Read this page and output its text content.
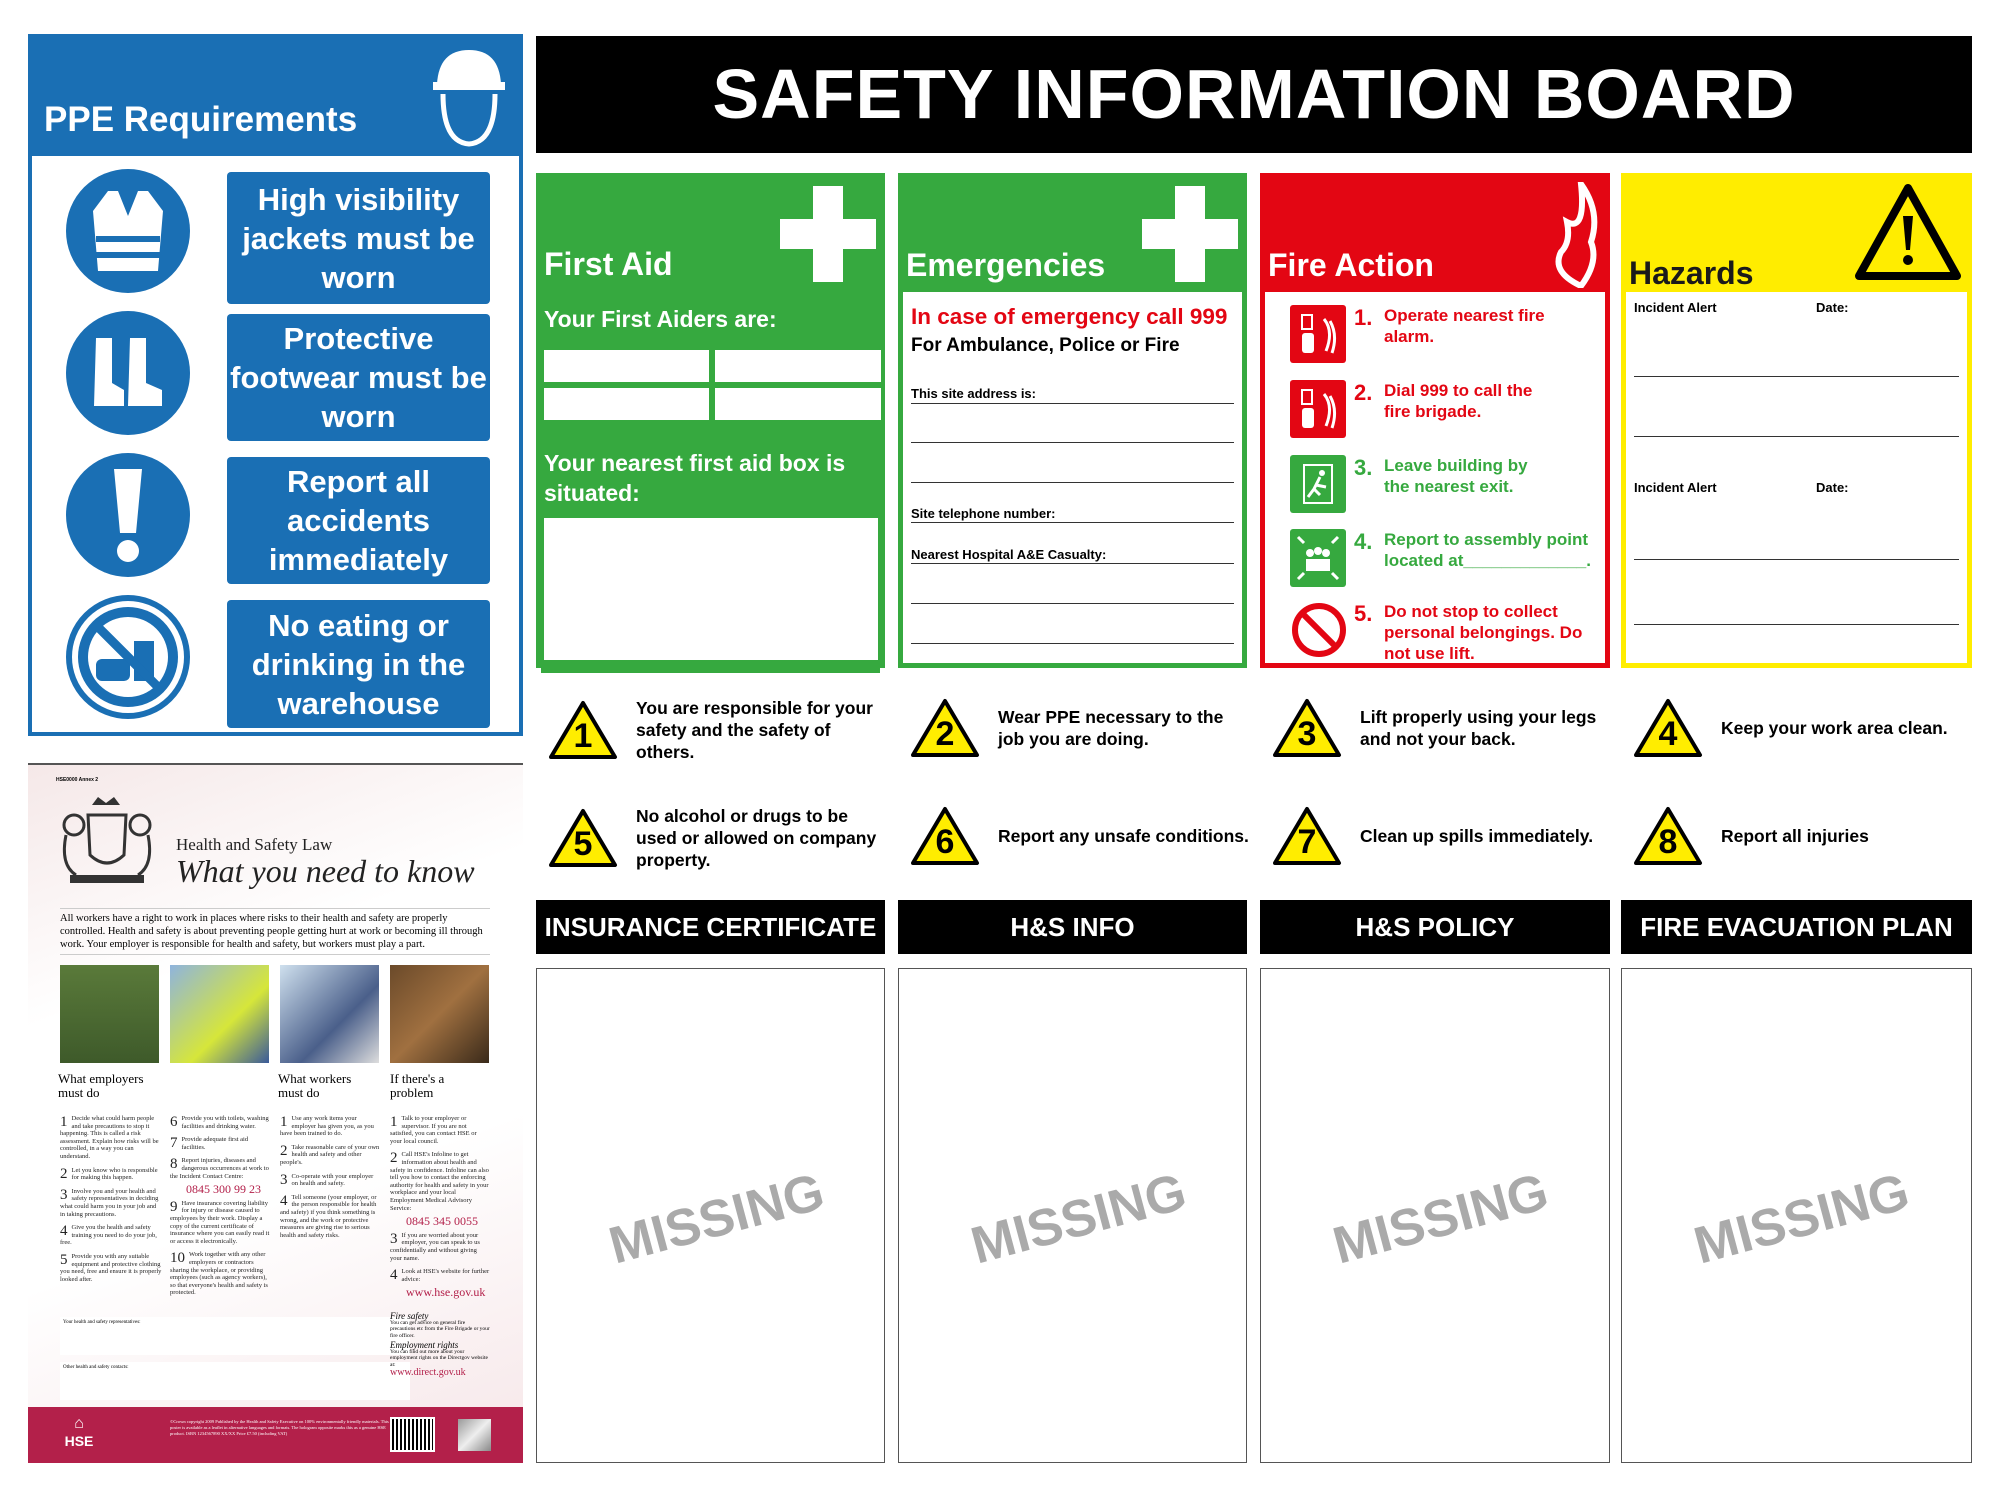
PPE Requirements
High visibility jackets must be worn
Protective footwear must be worn
Report all accidents immediately
No eating or drinking in the warehouse
SAFETY INFORMATION BOARD
First Aid
Your First Aiders are:
Your nearest first aid box is situated:
Emergencies
In case of emergency call 999
For Ambulance, Police or Fire
This site address is:
Site telephone number:
Nearest Hospital A&E Casualty:
Fire Action
1. Operate nearest fire alarm.
2. Dial 999 to call the fire brigade.
3. Leave building by the nearest exit.
4. Report to assembly point located at_____________.
5. Do not stop to collect personal belongings. Do not use lift.
Hazards
Incident Alert	Date:
Incident Alert	Date:
1
You are responsible for your safety and the safety of others.	2	Wear PPE necessary to the job you are doing.	3	Lift properly using your legs and not your back.	4	Keep your work area clean.
5
No alcohol or drugs to be used or allowed on company property.	6	Report any unsafe conditions.	7	Clean up spills immediately.	8	Report all injuries
INSURANCE CERTIFICATE	H&S INFO	H&S POLICY	FIRE EVACUATION PLAN
MISSING	MISSING	MISSING	MISSING
HSE0000 Annex 2
Health and Safety Law
What you need to know
All workers have a right to work in places where risks to their health and safety are properly controlled. Health and safety is about preventing people getting hurt at work or becoming ill through work. Your employer is responsible for health and safety, but workers must play a part.
What employers must do
What workers must do
If there's a problem
1 Decide what could harm people and take precautions to stop it happening. This is called a risk assessment. Explain how risks will be controlled, in a way you can understand.
2 Let you know who is responsible for making this happen.
3 Involve you and your health and safety representatives in deciding what could harm you in your job and in taking precautions.
4 Give you the health and safety training you need to do your job, free.
5 Provide you with any suitable equipment and protective clothing you need, free and ensure it is properly looked after.
6 Provide you with toilets, washing facilities and drinking water.
7 Provide adequate first aid facilities.
8 Report injuries, diseases and dangerous occurrences at work to the Incident Contact Centre:
0845 300 99 23
9 Have insurance covering liability for injury or disease caused to employees by their work. Display a copy of the current certificate of insurance where you can easily read it or access it electronically.
10 Work together with any other employers or contractors sharing the workplace, or providing employees (such as agency workers), so that everyone's health and safety is protected.
1 Use any work items your employer has given you, as you have been trained to do.
2 Take reasonable care of your own health and safety and other people's.
3 Co-operate with your employer on health and safety.
4 Tell someone (your employer, or the person responsible for health and safety) if you think something is wrong, and the work or protective measures are giving rise to serious health and safety risks.
1 Talk to your employer or supervisor. If you are not satisfied, you can contact HSE or your local council.
2 Call HSE's Infoline to get information about health and safety in confidence. Infoline can also tell you how to contact the enforcing authority for health and safety in your workplace and your local Employment Medical Advisory Service:
0845 345 0055
3 If you are worried about your employer, you can speak to us confidentially and without giving your name.
4 Look at HSE's website for further advice:
www.hse.gov.uk
Your health and safety representatives:
Other health and safety contacts:
Fire safety
You can get advice on general fire precautions etc from the Fire Brigade or your fire officer.
Employment rights
You can find out more about your employment rights on the Directgov website at:
www.direct.gov.uk
⌂
HSE
©Crown copyright 2009 Published by the Health and Safety Executive on 100% environmentally friendly materials. This poster is available as a leaflet in alternative languages and formats. The hologram opposite marks this as a genuine HSE product. ISBN 1234567890 XX/XX Price £7.50 (including VAT)
